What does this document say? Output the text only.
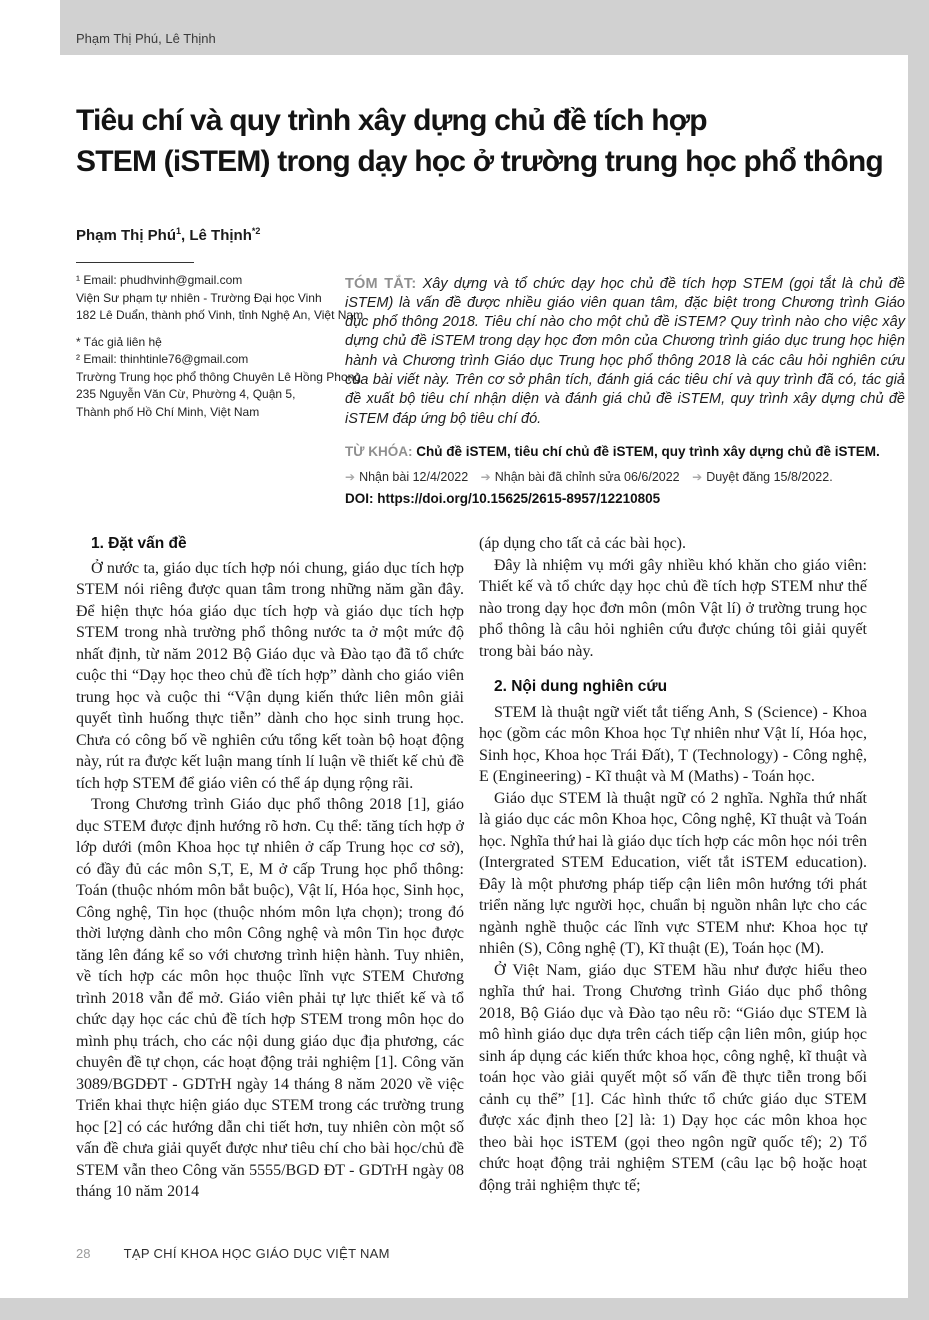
Phạm Thị Phú, Lê Thịnh
Tiêu chí và quy trình xây dựng chủ đề tích hợp
STEM (iSTEM) trong dạy học ở trường trung học phổ thông
Phạm Thị Phú$^1$, Lê Thịnh$^{*2}$
¹ Email: phudhvinh@gmail.com
Viện Sư phạm tự nhiên - Trường Đại học Vinh
182 Lê Duẩn, thành phố Vinh, tỉnh Nghệ An, Việt Nam
* Tác giả liên hệ
² Email: thinhtinle76@gmail.com
Trường Trung học phổ thông Chuyên Lê Hồng Phong
235 Nguyễn Văn Cừ, Phường 4, Quận 5,
Thành phố Hồ Chí Minh, Việt Nam

TÓM TẮT: Xây dựng và tổ chức dạy học chủ đề tích hợp STEM (gọi tắt là chủ đề iSTEM) là vấn đề được nhiều giáo viên quan tâm, đặc biệt trong Chương trình Giáo dục phổ thông 2018. Tiêu chí nào cho một chủ đề iSTEM? Quy trình nào cho việc xây dựng chủ đề iSTEM trong dạy học đơn môn của Chương trình giáo dục trung học hiện hành và Chương trình Giáo dục Trung học phổ thông 2018 là các câu hỏi nghiên cứu của bài viết này. Trên cơ sở phân tích, đánh giá các tiêu chí và quy trình đã có, tác giả đề xuất bộ tiêu chí nhận diện và đánh giá chủ đề iSTEM, quy trình xây dựng chủ đề iSTEM đáp ứng bộ tiêu chí đó.

TỪ KHÓA: Chủ đề iSTEM, tiêu chí chủ đề iSTEM, quy trình xây dựng chủ đề iSTEM.
➔ Nhận bài 12/4/2022 ➔ Nhận bài đã chỉnh sửa 06/6/2022 ➔ Duyệt đăng 15/8/2022.
DOI: https://doi.org/10.15625/2615-8957/12210805
1. Đặt vấn đề

Ở nước ta, giáo dục tích hợp nói chung, giáo dục tích hợp STEM nói riêng được quan tâm trong những năm gần đây. Để hiện thực hóa giáo dục tích hợp và giáo dục tích hợp STEM trong nhà trường phổ thông nước ta ở một mức độ nhất định, từ năm 2012 Bộ Giáo dục và Đào tạo đã tổ chức cuộc thi “Dạy học theo chủ đề tích hợp” dành cho giáo viên trung học và cuộc thi “Vận dụng kiến thức liên môn giải quyết tình huống thực tiễn” dành cho học sinh trung học. Chưa có công bố về nghiên cứu tổng kết toàn bộ hoạt động này, rút ra được kết luận mang tính lí luận về thiết kế chủ đề tích hợp STEM để giáo viên có thể áp dụng rộng rãi.

Trong Chương trình Giáo dục phổ thông 2018 [1], giáo dục STEM được định hướng rõ hơn. Cụ thể: tăng tích hợp ở lớp dưới (môn Khoa học tự nhiên ở cấp Trung học cơ sở), có đầy đủ các môn S,T, E, M ở cấp Trung học phổ thông: Toán (thuộc nhóm môn bắt buộc), Vật lí, Hóa học, Sinh học, Công nghệ, Tin học (thuộc nhóm môn lựa chọn); trong đó thời lượng dành cho môn Công nghệ và môn Tin học được tăng lên đáng kể so với chương trình hiện hành. Tuy nhiên, về tích hợp các môn học thuộc lĩnh vực STEM Chương trình 2018 vẫn để mở. Giáo viên phải tự lực thiết kế và tổ chức dạy học các chủ đề tích hợp STEM trong môn học do mình phụ trách, cho các nội dung giáo dục địa phương, các chuyên đề tự chọn, các hoạt động trải nghiệm [1]. Công văn 3089/BGDĐT - GDTrH ngày 14 tháng 8 năm 2020 về việc Triển khai thực hiện giáo dục STEM trong các trường trung học [2] có các hướng dẫn chi tiết hơn, tuy nhiên còn một số vấn đề chưa giải quyết được như tiêu chí cho bài học/chủ đề STEM vẫn theo Công văn 5555/BGD ĐT - GDTrH ngày 08 tháng 10 năm 2014

(áp dụng cho tất cả các bài học).

Đây là nhiệm vụ mới gây nhiều khó khăn cho giáo viên: Thiết kế và tổ chức dạy học chủ đề tích hợp STEM như thế nào trong dạy học đơn môn (môn Vật lí) ở trường trung học phổ thông là câu hỏi nghiên cứu được chúng tôi giải quyết trong bài báo này.

2. Nội dung nghiên cứu

STEM là thuật ngữ viết tắt tiếng Anh, S (Science) - Khoa học (gồm các môn Khoa học Tự nhiên như Vật lí, Hóa học, Sinh học, Khoa học Trái Đất), T (Technology) - Công nghệ, E (Engineering) - Kĩ thuật và M (Maths) - Toán học.

Giáo dục STEM là thuật ngữ có 2 nghĩa. Nghĩa thứ nhất là giáo dục các môn Khoa học, Công nghệ, Kĩ thuật và Toán học. Nghĩa thứ hai là giáo dục tích hợp các môn học nói trên (Intergrated STEM Education, viết tắt iSTEM education). Đây là một phương pháp tiếp cận liên môn hướng tới phát triển năng lực người học, chuẩn bị nguồn nhân lực cho các ngành nghề thuộc các lĩnh vực STEM như: Khoa học tự nhiên (S), Công nghệ (T), Kĩ thuật (E), Toán học (M).

Ở Việt Nam, giáo dục STEM hầu như được hiểu theo nghĩa thứ hai. Trong Chương trình Giáo dục phổ thông 2018, Bộ Giáo dục và Đào tạo nêu rõ: “Giáo dục STEM là mô hình giáo dục dựa trên cách tiếp cận liên môn, giúp học sinh áp dụng các kiến thức khoa học, công nghệ, kĩ thuật và toán học vào giải quyết một số vấn đề thực tiễn trong bối cảnh cụ thể” [1]. Các hình thức tổ chức giáo dục STEM được xác định theo [2] là: 1) Dạy học các môn khoa học theo bài học iSTEM (gọi theo ngôn ngữ quốc tế); 2) Tổ chức hoạt động trải nghiệm STEM (câu lạc bộ hoặc hoạt động trải nghiệm thực tế;

28	TẠP CHÍ KHOA HỌC GIÁO DỤC VIỆT NAM
